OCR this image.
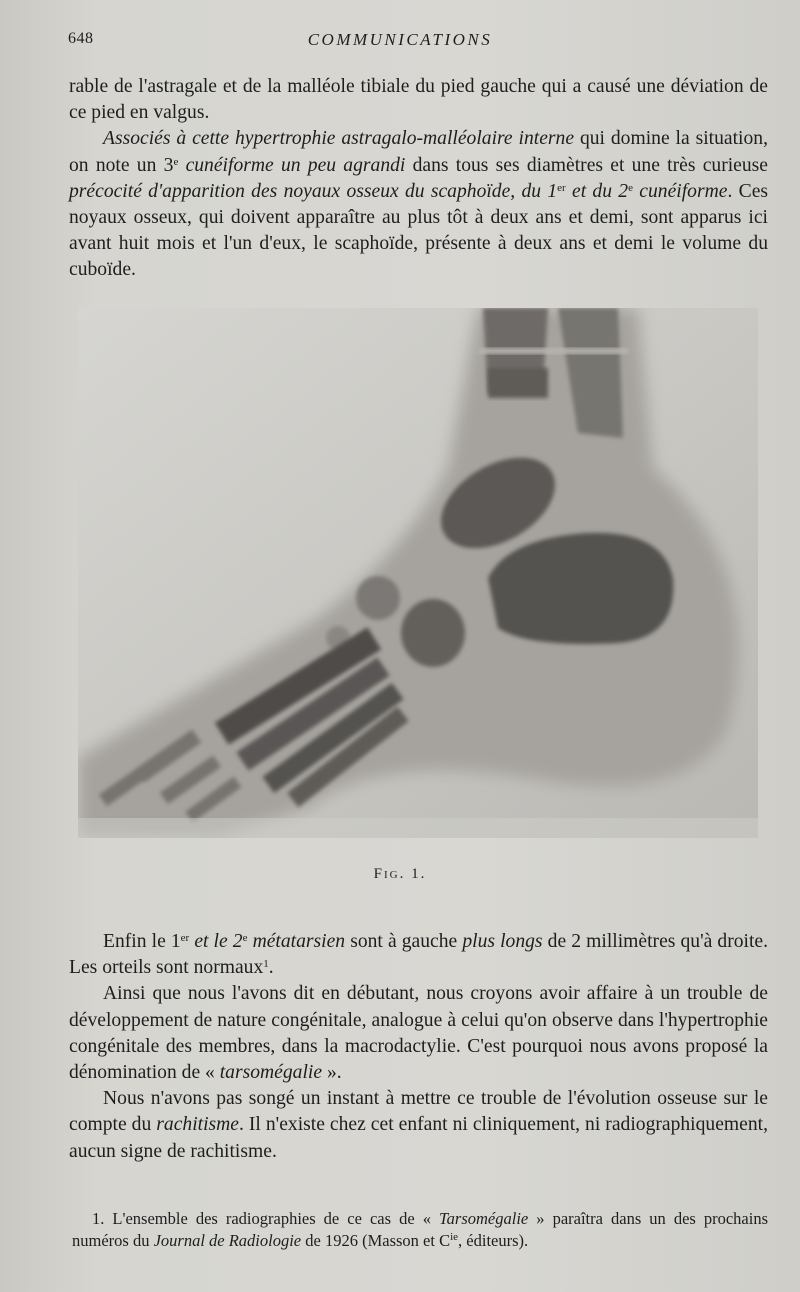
648	COMMUNICATIONS

rable de l'astragale et de la malléole tibiale du pied gauche qui a causé une déviation de ce pied en valgus.

Associés à cette hypertrophie astragalo-malléolaire interne qui domine la situation, on note un 3e cunéiforme un peu agrandi dans tous ses diamètres et une très curieuse précocité d'apparition des noyaux osseux du scaphoïde, du 1er et du 2e cunéiforme. Ces noyaux osseux, qui doivent apparaître au plus tôt à deux ans et demi, sont apparus ici avant huit mois et l'un d'eux, le scaphoïde, présente à deux ans et demi le volume du cuboïde.

Fig. 1.

Enfin le 1er et le 2e métatarsien sont à gauche plus longs de 2 millimètres qu'à droite. Les orteils sont normaux$^1$.

Ainsi que nous l'avons dit en débutant, nous croyons avoir affaire à un trouble de développement de nature congénitale, analogue à celui qu'on observe dans l'hypertrophie congénitale des membres, dans la macrodactylie. C'est pourquoi nous avons proposé la dénomination de « tarsomégalie ».

Nous n'avons pas songé un instant à mettre ce trouble de l'évolution osseuse sur le compte du rachitisme. Il n'existe chez cet enfant ni cliniquement, ni radiographiquement, aucun signe de rachitisme.

1. L'ensemble des radiographies de ce cas de « Tarsomégalie » paraîtra dans un des prochains numéros du Journal de Radiologie de 1926 (Masson et $C^{ie}$, éditeurs).
